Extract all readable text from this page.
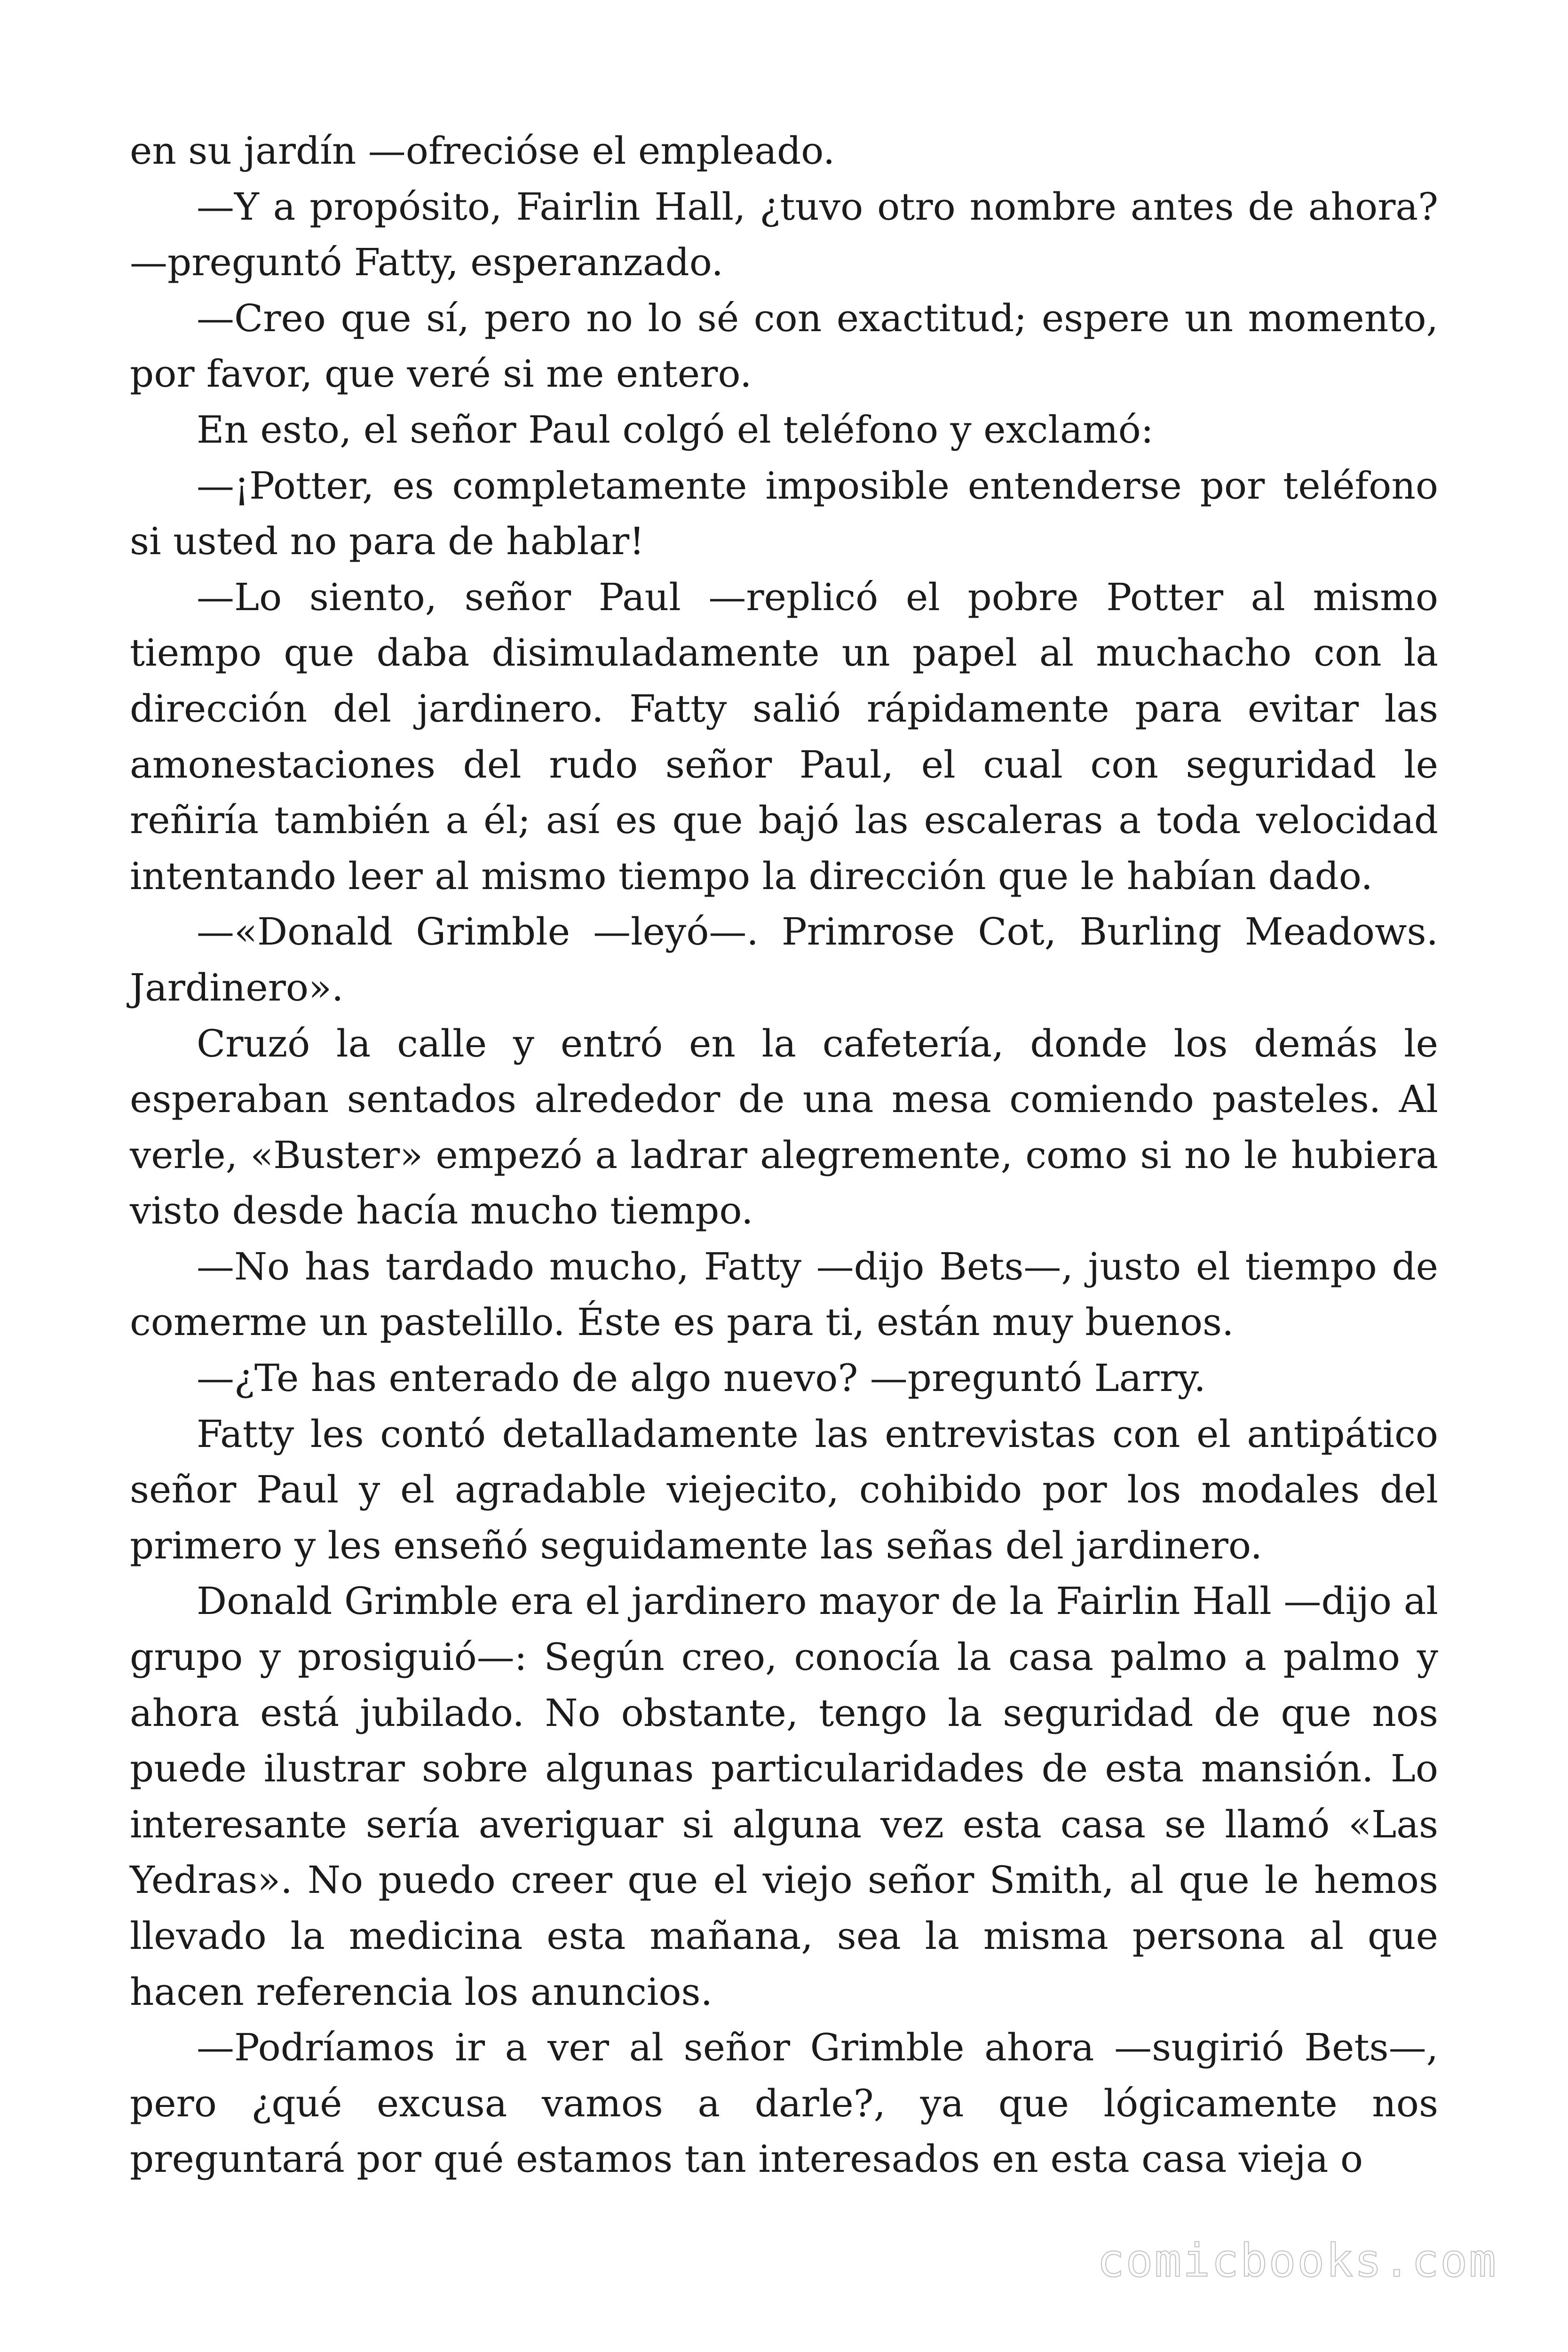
en su jardín —ofrecióse el empleado.

—Y a propósito, Fairlin Hall, ¿tuvo otro nombre antes de ahora? —preguntó Fatty, esperanzado.

—Creo que sí, pero no lo sé con exactitud; espere un momento, por favor, que veré si me entero.

En esto, el señor Paul colgó el teléfono y exclamó:

—¡Potter, es completamente imposible entenderse por teléfono si usted no para de hablar!

—Lo siento, señor Paul —replicó el pobre Potter al mismo tiempo que daba disimuladamente un papel al muchacho con la dirección del jardinero. Fatty salió rápidamente para evitar las amonestaciones del rudo señor Paul, el cual con seguridad le reñiría también a él; así es que bajó las escaleras a toda velocidad intentando leer al mismo tiempo la dirección que le habían dado.

—«Donald Grimble —leyó—. Primrose Cot, Burling Meadows. Jardinero».

Cruzó la calle y entró en la cafetería, donde los demás le esperaban sentados alrededor de una mesa comiendo pasteles. Al verle, «Buster» empezó a ladrar alegremente, como si no le hubiera visto desde hacía mucho tiempo.

—No has tardado mucho, Fatty —dijo Bets—, justo el tiempo de comerme un pastelillo. Éste es para ti, están muy buenos.

—¿Te has enterado de algo nuevo? —preguntó Larry.

Fatty les contó detalladamente las entrevistas con el antipático señor Paul y el agradable viejecito, cohibido por los modales del primero y les enseñó seguidamente las señas del jardinero.

Donald Grimble era el jardinero mayor de la Fairlin Hall —dijo al grupo y prosiguió—: Según creo, conocía la casa palmo a palmo y ahora está jubilado. No obstante, tengo la seguridad de que nos puede ilustrar sobre algunas particularidades de esta mansión. Lo interesante sería averiguar si alguna vez esta casa se llamó «Las Yedras». No puedo creer que el viejo señor Smith, al que le hemos llevado la medicina esta mañana, sea la misma persona al que hacen referencia los anuncios.

—Podríamos ir a ver al señor Grimble ahora —sugirió Bets—, pero ¿qué excusa vamos a darle?, ya que lógicamente nos preguntará por qué estamos tan interesados en esta casa vieja o

comicbooks.com
